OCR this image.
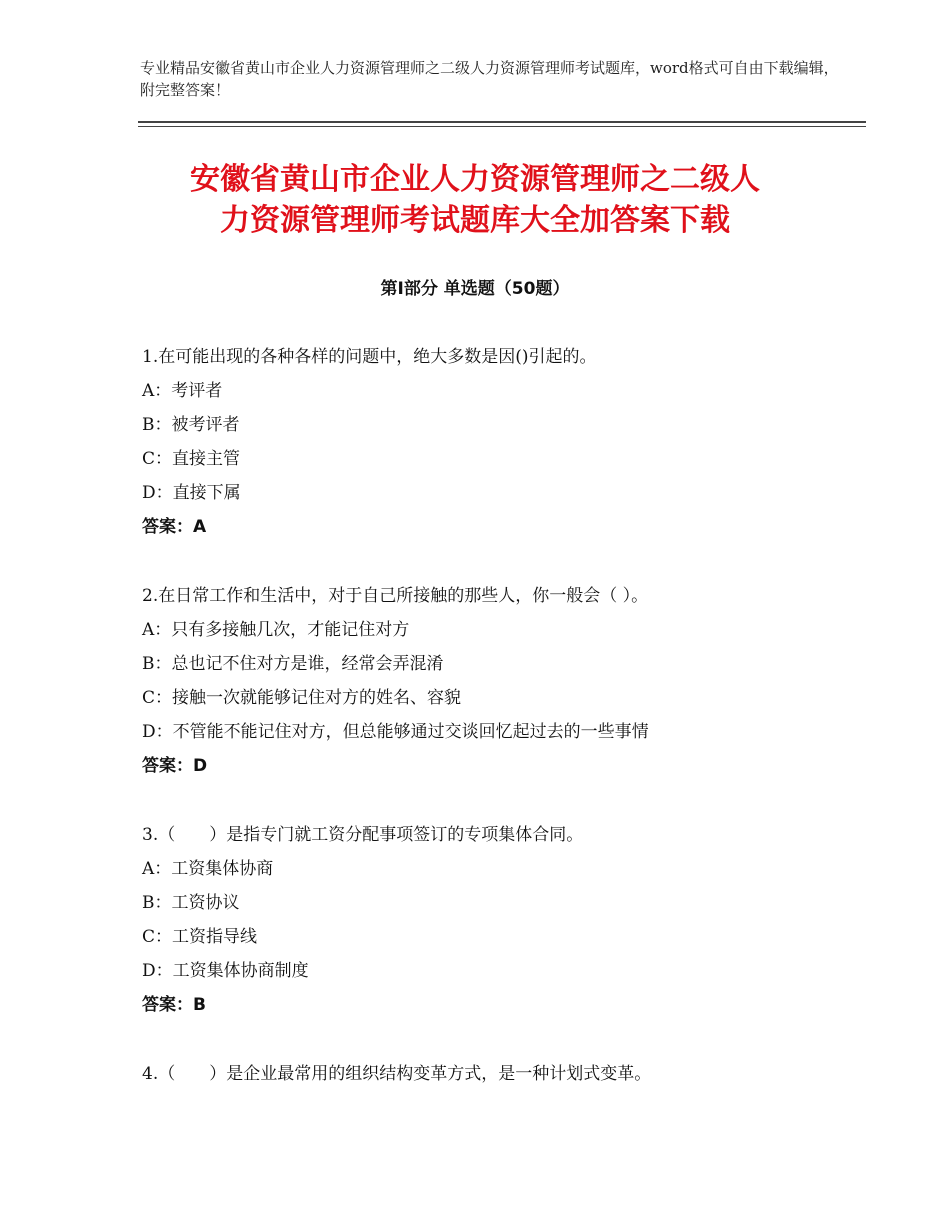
专业精品安徽省黄山市企业人力资源管理师之二级人力资源管理师考试题库，word格式可自由下载编辑，附完整答案！
安徽省黄山市企业人力资源管理师之二级人
力资源管理师考试题库大全加答案下载
第Ⅰ部分 单选题（50题）
1.在可能出现的各种各样的问题中，绝大多数是因()引起的。
A：考评者
B：被考评者
C：直接主管
D：直接下属
答案：A
2.在日常工作和生活中，对于自己所接触的那些人，你一般会（ ）。
A：只有多接触几次，才能记住对方
B：总也记不住对方是谁，经常会弄混淆
C：接触一次就能够记住对方的姓名、容貌
D：不管能不能记住对方，但总能够通过交谈回忆起过去的一些事情
答案：D
3.（　　）是指专门就工资分配事项签订的专项集体合同。
A：工资集体协商
B：工资协议
C：工资指导线
D：工资集体协商制度
答案：B
4.（　　）是企业最常用的组织结构变革方式，是一种计划式变革。
